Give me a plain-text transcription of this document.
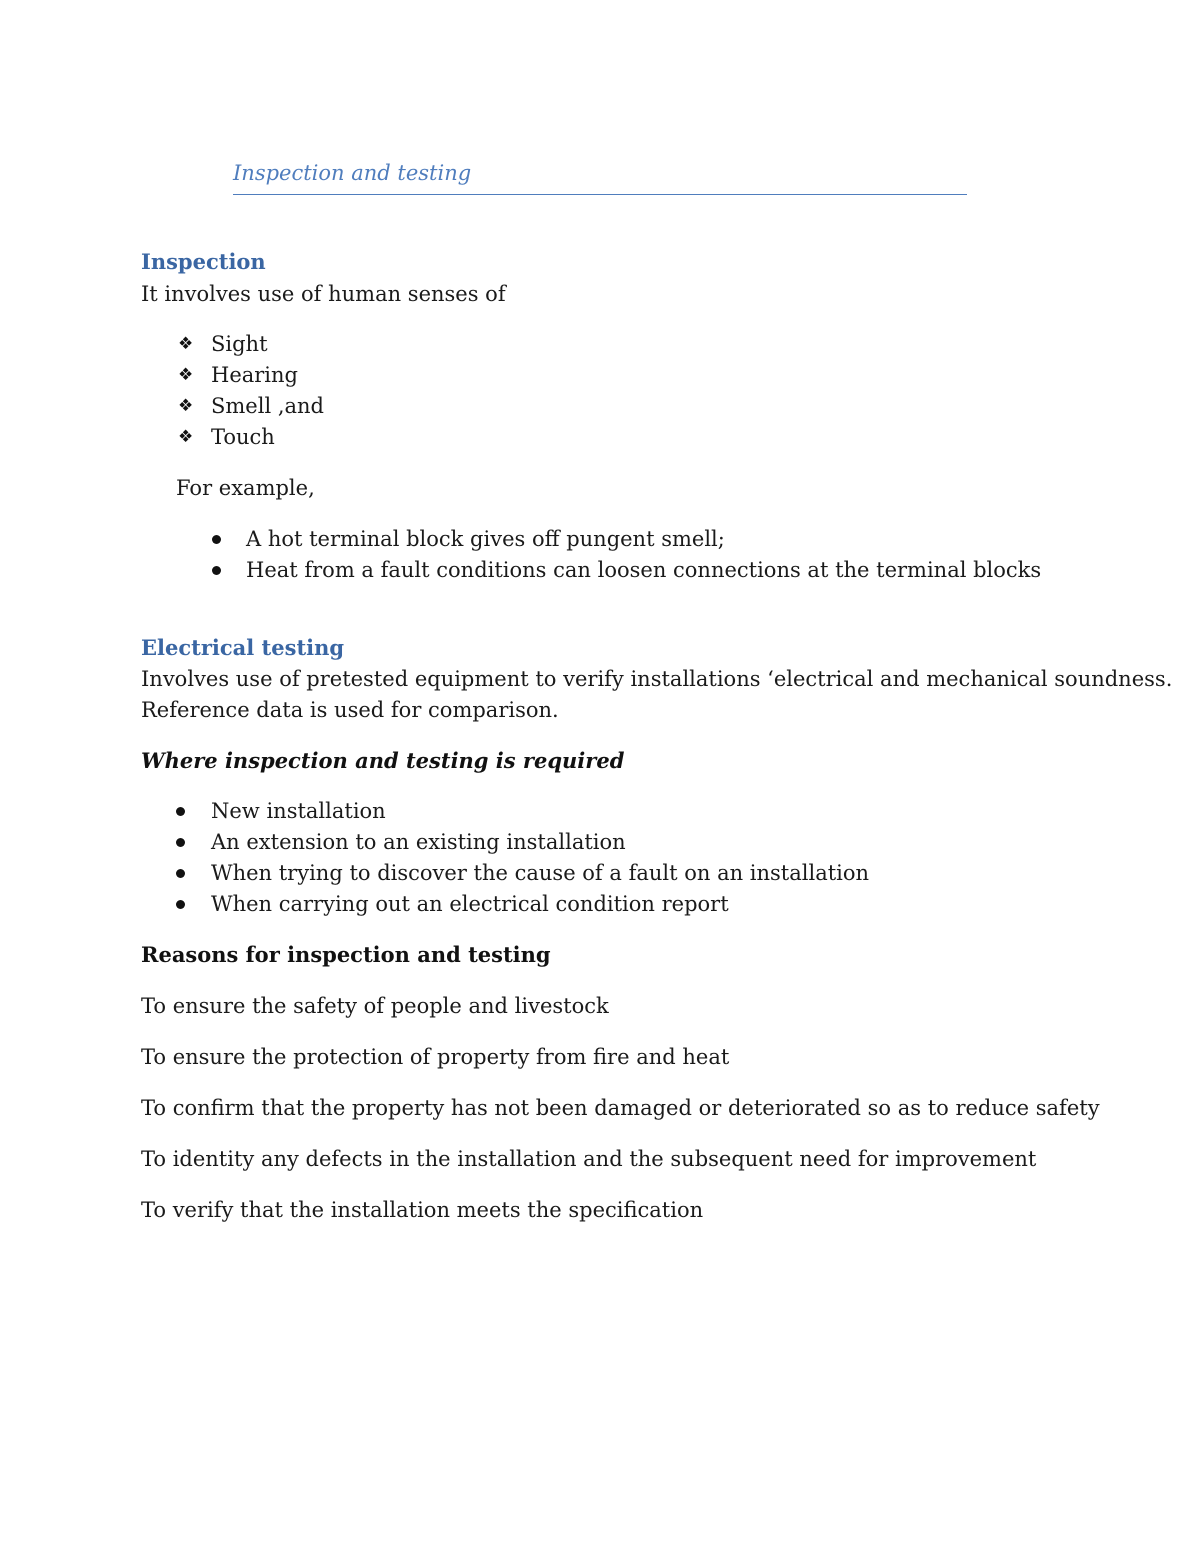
Inspection and testing
Inspection
It involves use of human senses of
❖ Sight
❖ Hearing
❖ Smell ,and
❖ Touch
For example,
A hot terminal block gives off pungent smell;
Heat from a fault conditions can loosen connections at the terminal blocks
Electrical testing
Involves use of pretested equipment to verify installations ‘electrical and mechanical soundness.
Reference data is used for comparison.
Where inspection and testing is required
New installation
An extension to an existing installation
When trying to discover the cause of a fault on an installation
When carrying out an electrical condition report
Reasons for inspection and testing
To ensure the safety of people and livestock
To ensure the protection of property from fire and heat
To confirm that the property has not been damaged or deteriorated so as to reduce safety
To identity any defects in the installation and the subsequent need for improvement
To verify that the installation meets the specification
